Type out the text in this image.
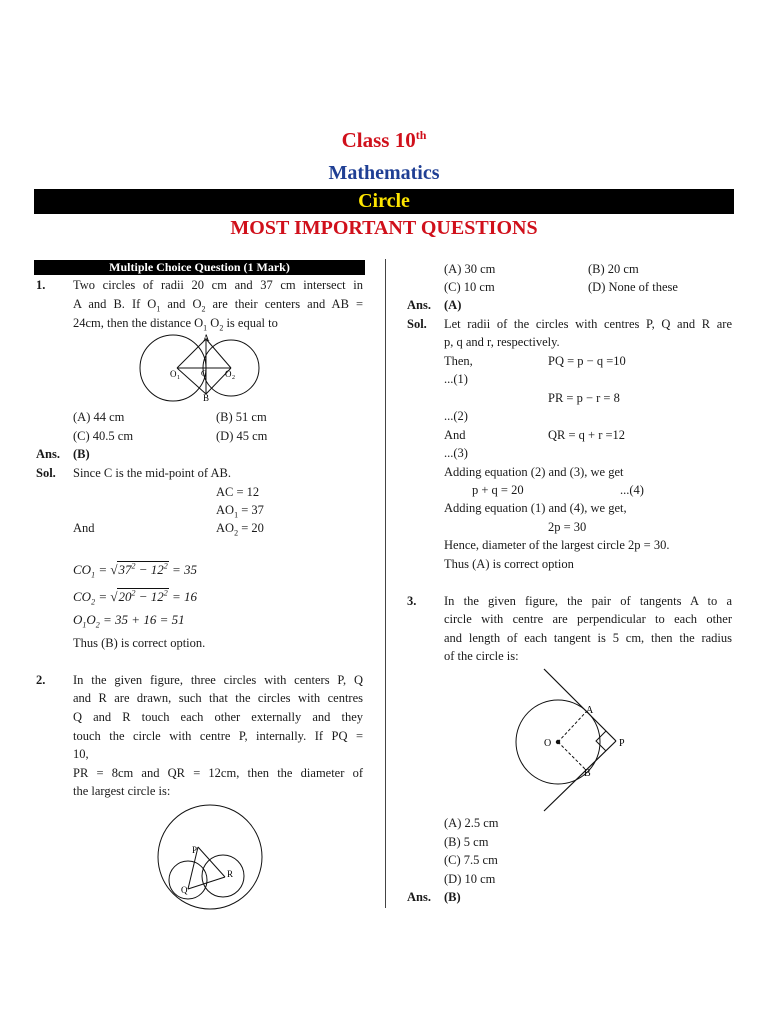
Class 10th
Mathematics
Circle
MOST IMPORTANT QUESTIONS
Multiple Choice Question (1 Mark)
1. Two circles of radii 20 cm and 37 cm intersect in
A and B. If $O_1$ and $O_2$ are their centers and AB =
24cm, then the distance $O_1$ $O_2$ is equal to
A
B
O 1	O 2
C
(A) 44 cm	(B) 51 cm
(C) 40.5 cm	(D) 45 cm
Ans. (B)
Sol. Since C is the mid-point of AB.
AC = 12
$AO_1 = 37$
And	$AO_2 = 20$
$CO_1 = √37^2 - 12^2 = 35$
$CO_2 = √20^2 - 12^2 = 16$
$O_1O_2 = 35 + 16 = 51$
Thus (B) is correct option.
2. In the given figure, three circles with centers P, Q
and R are drawn, such that the circles with centres
Q and R touch each other externally and they
touch the circle with centre P, internally. If PQ =
10,
PR = 8cm and QR = 12cm, then the diameter of
the largest circle is:
P
Q
R
(A) 30 cm	(B) 20 cm
(C) 10 cm	(D) None of these
Ans. (A)
Sol. Let radii of the circles with centres P, Q and R are
p, q and r, respectively.
Then,	PQ = p − q =10
...(1)
PR = p − r = 8
...(2)
And	QR = q + r =12
...(3)
Adding equation (2) and (3), we get
p + q = 20	...(4)
Adding equation (1) and (4), we get,
2p = 30
Hence, diameter of the largest circle 2p = 30.
Thus (A) is correct option
3. In the given figure, the pair of tangents A to a
circle with centre are perpendicular to each other
and length of each tangent is 5 cm, then the radius
of the circle is:
A
O	P
B
(A) 2.5 cm
(B) 5 cm
(C) 7.5 cm
(D) 10 cm
Ans. (B)
